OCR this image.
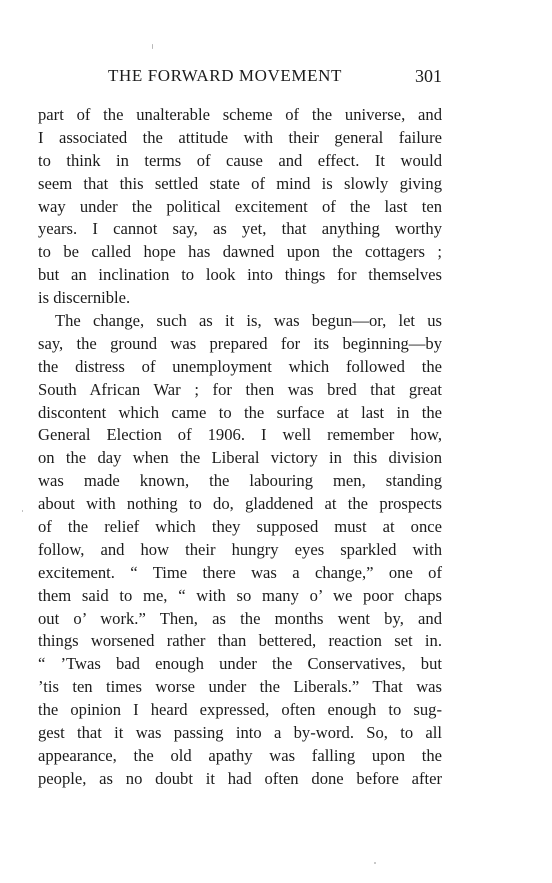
THE FORWARD MOVEMENT	301
part of the unalterable scheme of the universe, and
I associated the attitude with their general failure
to think in terms of cause and effect. It would
seem that this settled state of mind is slowly giving
way under the political excitement of the last ten
years. I cannot say, as yet, that anything worthy
to be called hope has dawned upon the cottagers ;
but an inclination to look into things for themselves
is discernible.
The change, such as it is, was begun—or, let us
say, the ground was prepared for its beginning—by
the distress of unemployment which followed the
South African War ; for then was bred that great
discontent which came to the surface at last in the
General Election of 1906. I well remember how,
on the day when the Liberal victory in this division
was made known, the labouring men, standing
about with nothing to do, gladdened at the prospects
of the relief which they supposed must at once
follow, and how their hungry eyes sparkled with
excitement. “ Time there was a change,” one of
them said to me, “ with so many o’ we poor chaps
out o’ work.” Then, as the months went by, and
things worsened rather than bettered, reaction set in.
“ ’Twas bad enough under the Conservatives, but
’tis ten times worse under the Liberals.” That was
the opinion I heard expressed, often enough to sug-
gest that it was passing into a by-word. So, to all
appearance, the old apathy was falling upon the
people, as no doubt it had often done before after
